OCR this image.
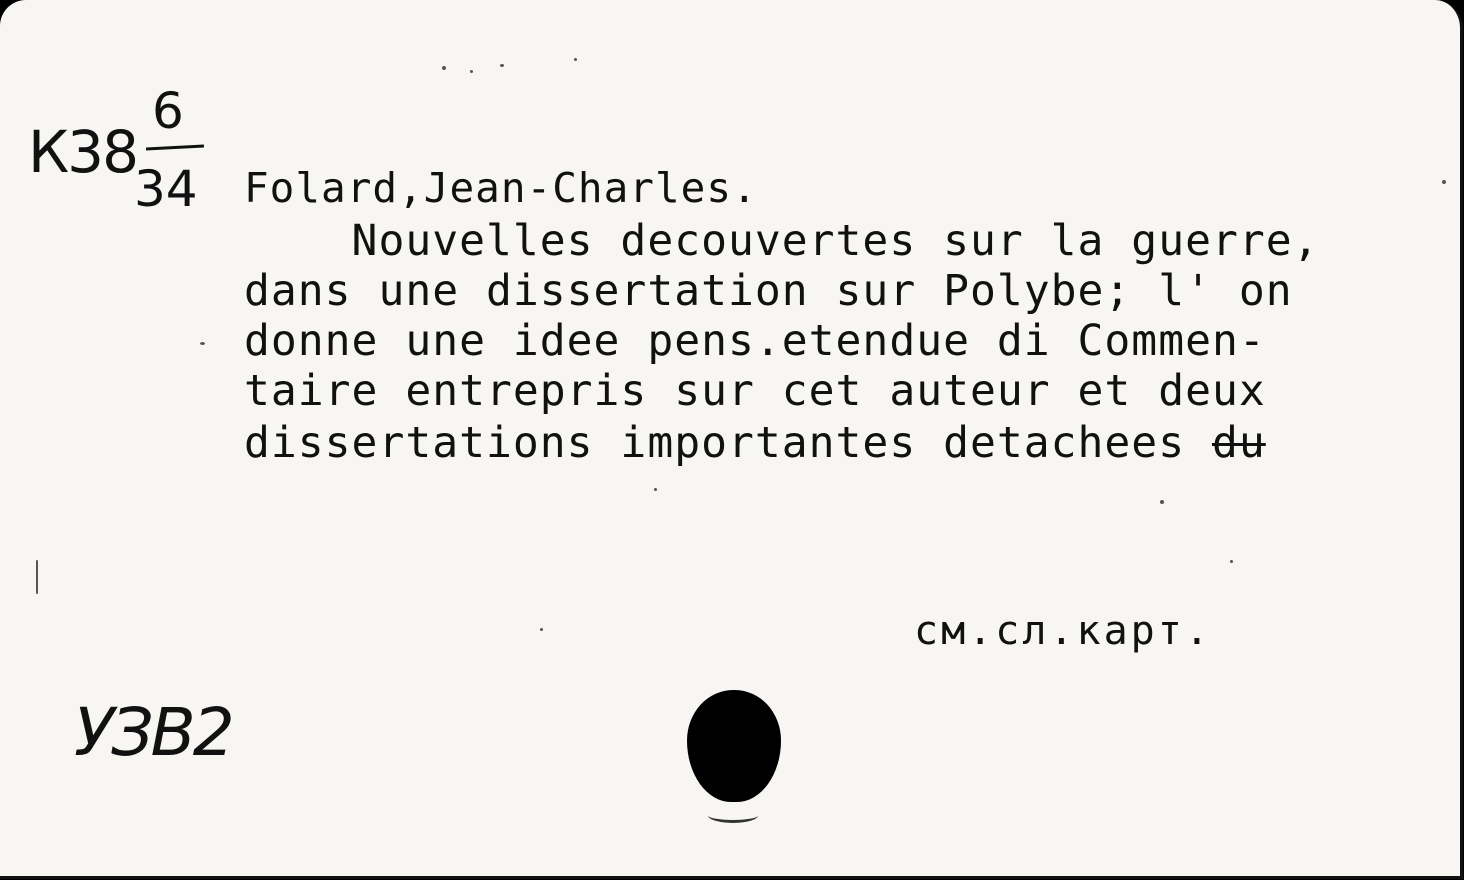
К38
6
34 Folard,Jean-Charles.
Nouvelles decouvertes sur la guerre,
dans une dissertation sur Polybe; l' on
donne une idee pens.etendue di Commen-
taire entrepris sur cet auteur et deux
dissertations importantes detachees du
см.сл.карт.
УЗВ2
